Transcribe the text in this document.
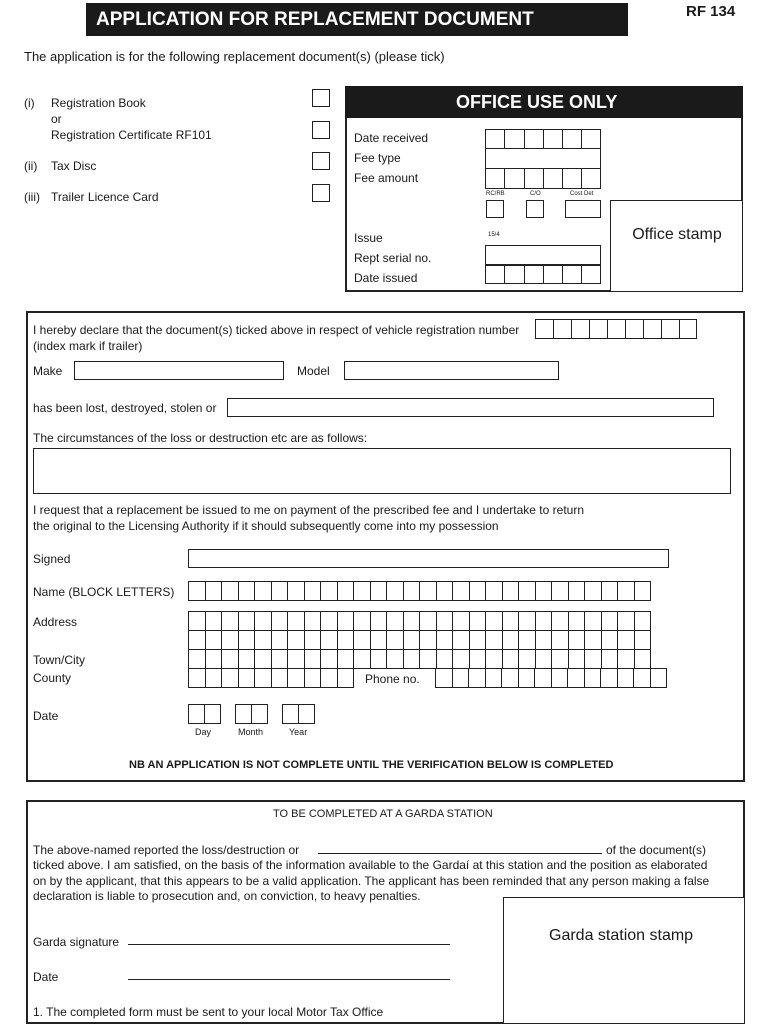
APPLICATION FOR REPLACEMENT DOCUMENT	RF 134
The application is for the following replacement document(s) (please tick)
(i) Registration Book
or
Registration Certificate RF101
(ii) Tax Disc
(iii) Trailer Licence Card
OFFICE USE ONLY
Date received
Fee type
Fee amount
RC/RB	C/O	Cost Det
Issue	15/4
Rept serial no.
Date issued
Office stamp
I hereby declare that the document(s) ticked above in respect of vehicle registration number
(index mark if trailer)
Make	Model
has been lost, destroyed, stolen or
The circumstances of the loss or destruction etc are as follows:
I request that a replacement be issued to me on payment of the prescribed fee and I undertake to return
the original to the Licensing Authority if it should subsequently come into my possession
Signed
Name (BLOCK LETTERS)
Address
Town/City
County	Phone no.
Date
Day	Month	Year
NB AN APPLICATION IS NOT COMPLETE UNTIL THE VERIFICATION BELOW IS COMPLETED
TO BE COMPLETED AT A GARDA STATION
The above-named reported the loss/destruction or	of the document(s)
ticked above. I am satisfied, on the basis of the information available to the Gardaí at this station and the position as elaborated
on by the applicant, that this appears to be a valid application. The applicant has been reminded that any person making a false
declaration is liable to prosecution and, on conviction, to heavy penalties.
Garda signature
Date
Garda station stamp
1. The completed form must be sent to your local Motor Tax Office
